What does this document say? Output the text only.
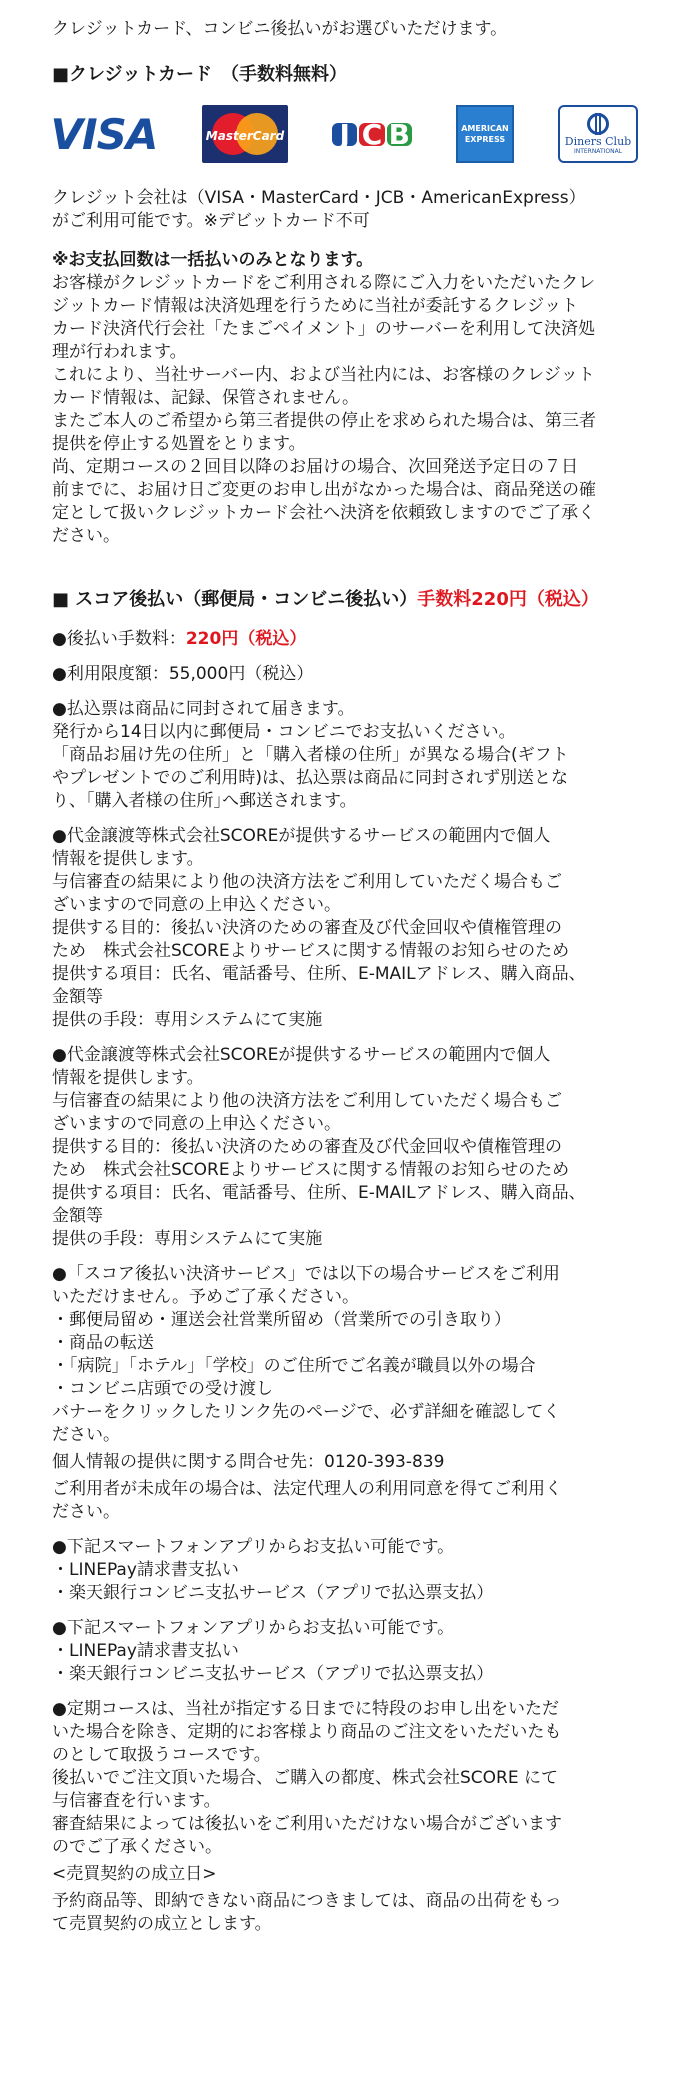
クレジットカード、コンビニ後払いがお選びいただけます。

■クレジットカード　（手数料無料）

VISA	MasterCard J C B	AMERICAN
EXPRESS	Diners Club
INTERNATIONAL

クレジット会社は（VISA・MasterCard・JCB・AmericanExpress）

がご利用可能です。※デビットカード不可

※お支払回数は一括払いのみとなります。

お客様がクレジットカードをご利用される際にご入力をいただいたクレ

ジットカード情報は決済処理を行うために当社が委託するクレジット

カード決済代行会社「たまごペイメント」のサーバーを利用して決済処

理が行われます。

これにより、当社サーバー内、および当社内には、お客様のクレジット

カード情報は、記録、保管されません。

またご本人のご希望から第三者提供の停止を求められた場合は、第三者

提供を停止する処置をとります。

尚、定期コースの２回目以降のお届けの場合、次回発送予定日の７日

前までに、お届け日ご変更のお申し出がなかった場合は、商品発送の確

定として扱いクレジットカード会社へ決済を依頼致しますのでご了承く

ださい。

■ スコア後払い（郵便局・コンビニ後払い）手数料220円（税込）

●後払い手数料：220円（税込）

●利用限度額：55,000円（税込）

●払込票は商品に同封されて届きます。

発行から14日以内に郵便局・コンビニでお支払いください。

「商品お届け先の住所」と「購入者様の住所」が異なる場合(ギフト

やプレゼントでのご利用時)は、払込票は商品に同封されず別送とな

り、｢購入者様の住所｣へ郵送されます。

●代金譲渡等株式会社SCOREが提供するサービスの範囲内で個人

情報を提供します。

与信審査の結果により他の決済方法をご利用していただく場合もご

ざいますので同意の上申込ください。

提供する目的：後払い決済のための審査及び代金回収や債権管理の

ため　株式会社SCOREよりサービスに関する情報のお知らせのため

提供する項目：氏名、電話番号、住所、E-MAILアドレス、購入商品、

金額等

提供の手段：専用システムにて実施

●代金譲渡等株式会社SCOREが提供するサービスの範囲内で個人

情報を提供します。

与信審査の結果により他の決済方法をご利用していただく場合もご

ざいますので同意の上申込ください。

提供する目的：後払い決済のための審査及び代金回収や債権管理の

ため　株式会社SCOREよりサービスに関する情報のお知らせのため

提供する項目：氏名、電話番号、住所、E-MAILアドレス、購入商品、

金額等

提供の手段：専用システムにて実施

●「スコア後払い決済サービス」では以下の場合サービスをご利用

いただけません。予めご了承ください。

・郵便局留め・運送会社営業所留め（営業所での引き取り）

・商品の転送

・「病院」「ホテル」「学校」のご住所でご名義が職員以外の場合

・コンビニ店頭での受け渡し

バナーをクリックしたリンク先のページで、必ず詳細を確認してく

ださい。

個人情報の提供に関する問合せ先：0120-393-839

ご利用者が未成年の場合は、法定代理人の利用同意を得てご利用く

ださい。

●下記スマートフォンアプリからお支払い可能です。

・LINEPay請求書支払い

・楽天銀行コンビニ支払サービス（アプリで払込票支払）

●下記スマートフォンアプリからお支払い可能です。

・LINEPay請求書支払い

・楽天銀行コンビニ支払サービス（アプリで払込票支払）

●定期コースは、当社が指定する日までに特段のお申し出をいただ

いた場合を除き、定期的にお客様より商品のご注文をいただいたも

のとして取扱うコースです。

後払いでご注文頂いた場合、ご購入の都度、株式会社SCORE にて

与信審査を行います。

審査結果によっては後払いをご利用いただけない場合がございます

のでご了承ください。

<売買契約の成立日>

予約商品等、即納できない商品につきましては、商品の出荷をもっ

て売買契約の成立とします。
